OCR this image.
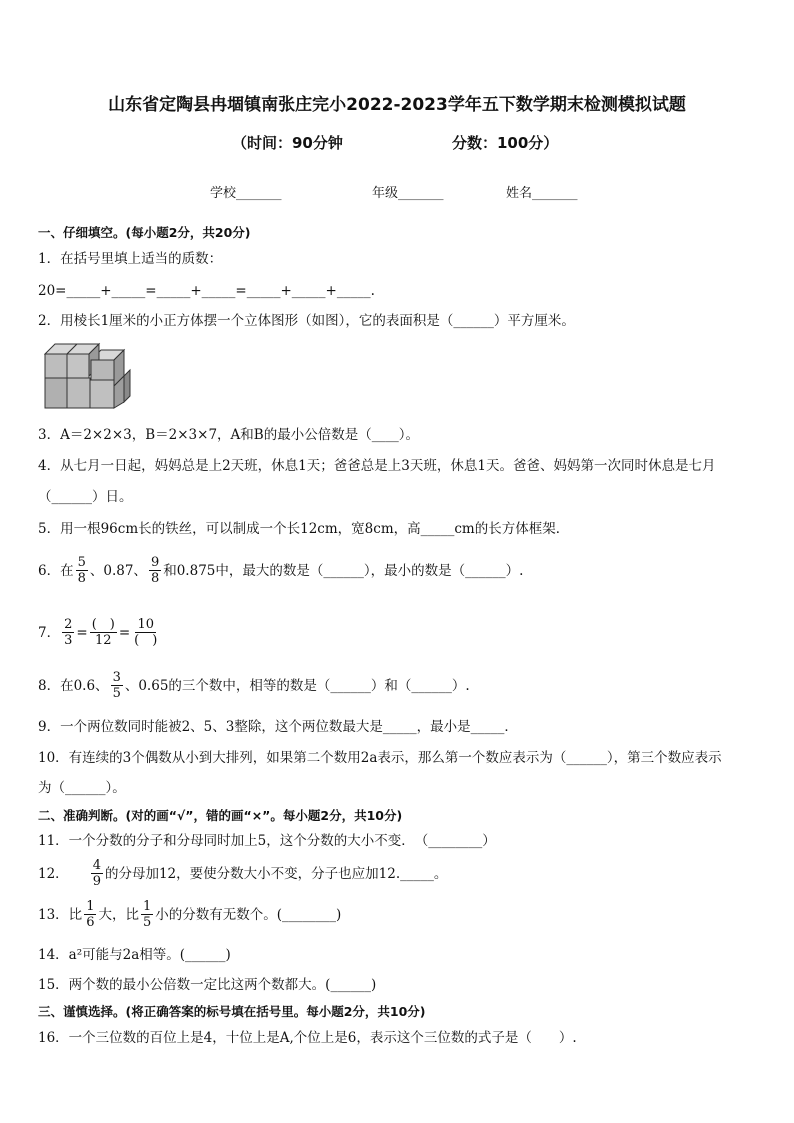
山东省定陶县冉堌镇南张庄完小2022-2023学年五下数学期末检测模拟试题
（时间：90分钟	分数：100分）
学校_______	年级_______	姓名_______
一、仔细填空。(每小题2分，共20分)
1．在括号里填上适当的质数：
20=_____+_____=_____+_____=_____+_____+_____.
2．用棱长1厘米的小正方体摆一个立体图形（如图），它的表面积是（______）平方厘米。
3．A＝2×2×3，B＝2×3×7，A和B的最小公倍数是（____）。
4．从七月一日起，妈妈总是上2天班，休息1天；爸爸总是上3天班，休息1天。爸爸、妈妈第一次同时休息是七月
（______）日。
5．用一根96cm长的铁丝，可以制成一个长12cm，宽8cm，高_____cm的长方体框架．
6．在 $\frac{5}{8}$ 、0.87、 $\frac{9}{8}$ 和0.875中，最大的数是（______），最小的数是（______）.
7． $\frac{2}{3} = \frac{( )}{12} = \frac{10}{( )}$
8．在0.6、 $\frac{3}{5}$ 、0.65的三个数中，相等的数是（______）和（______）.
9．一个两位数同时能被2、5、3整除，这个两位数最大是_____，最小是_____．
10．有连续的3个偶数从小到大排列，如果第二个数用2a表示，那么第一个数应表示为（______），第三个数应表示
为（______）。
二、准确判断。(对的画“√”，错的画“×”。每小题2分，共10分)
11．一个分数的分子和分母同时加上5，这个分数的大小不变．　（________）
12． $\frac{4}{9}$ 的分母加12，要使分数大小不变，分子也应加12._____。
13．比 $\frac{1}{6}$ 大，比 $\frac{1}{5}$ 小的分数有无数个。(________)
14．a²可能与2a相等。(______)
15．两个数的最小公倍数一定比这两个数都大。(______)
三、谨慎选择。(将正确答案的标号填在括号里。每小题2分，共10分)
16．一个三位数的百位上是4，十位上是A,个位上是6，表示这个三位数的式子是（　　）.
